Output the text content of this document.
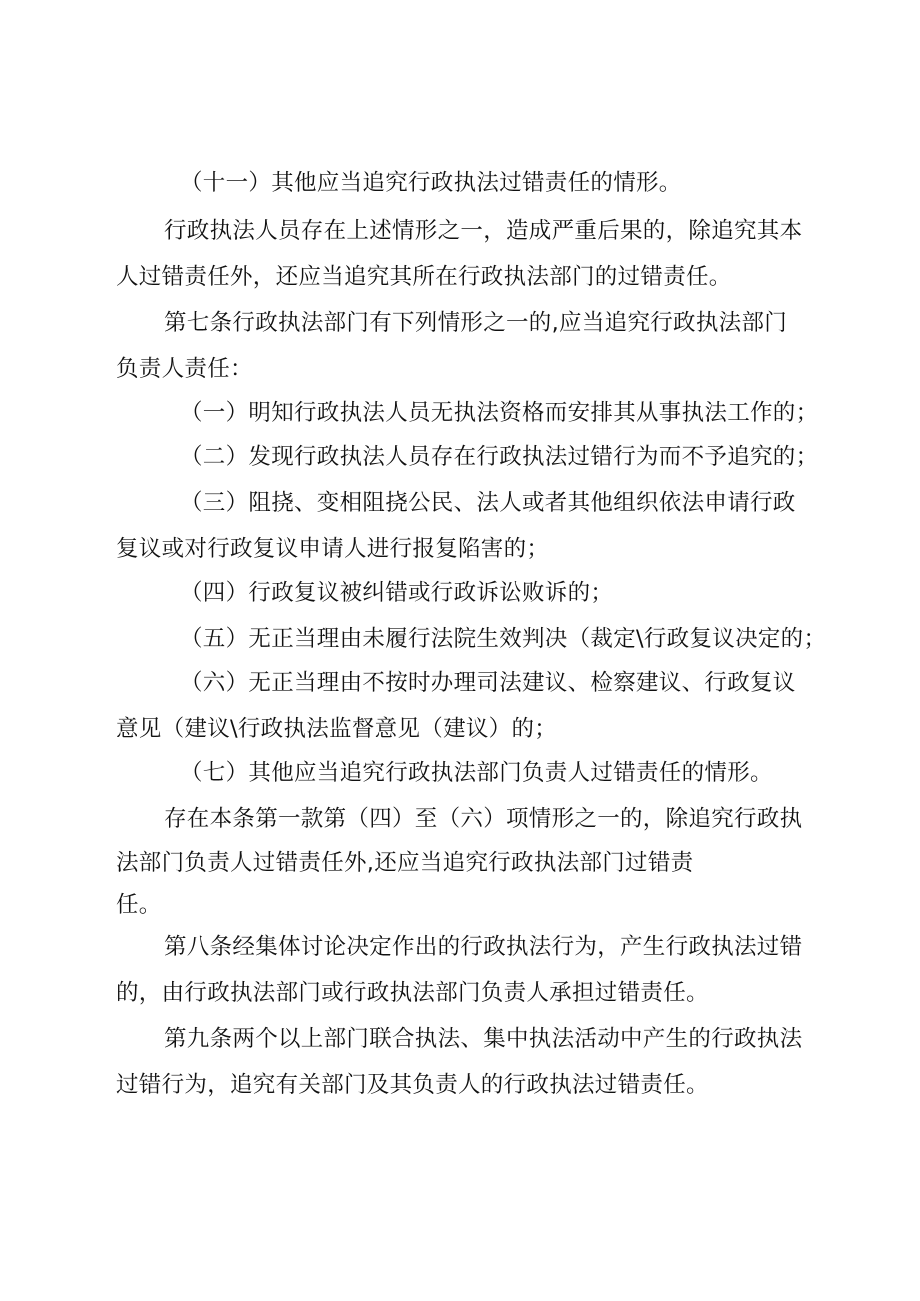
（十一）其他应当追究行政执法过错责任的情形。
行政执法人员存在上述情形之一，造成严重后果的，除追究其本
人过错责任外，还应当追究其所在行政执法部门的过错责任。
第七条行政执法部门有下列情形之一的,应当追究行政执法部门
负责人责任：
（一）明知行政执法人员无执法资格而安排其从事执法工作的；
（二）发现行政执法人员存在行政执法过错行为而不予追究的；
（三）阻挠、变相阻挠公民、法人或者其他组织依法申请行政
复议或对行政复议申请人进行报复陷害的；
（四）行政复议被纠错或行政诉讼败诉的；
（五）无正当理由未履行法院生效判决（裁定\行政复议决定的；
（六）无正当理由不按时办理司法建议、检察建议、行政复议
意见（建议\行政执法监督意见（建议）的；
（七）其他应当追究行政执法部门负责人过错责任的情形。
存在本条第一款第（四）至（六）项情形之一的，除追究行政执
法部门负责人过错责任外,还应当追究行政执法部门过错责
任。
第八条经集体讨论决定作出的行政执法行为，产生行政执法过错
的，由行政执法部门或行政执法部门负责人承担过错责任。
第九条两个以上部门联合执法、集中执法活动中产生的行政执法
过错行为，追究有关部门及其负责人的行政执法过错责任。
